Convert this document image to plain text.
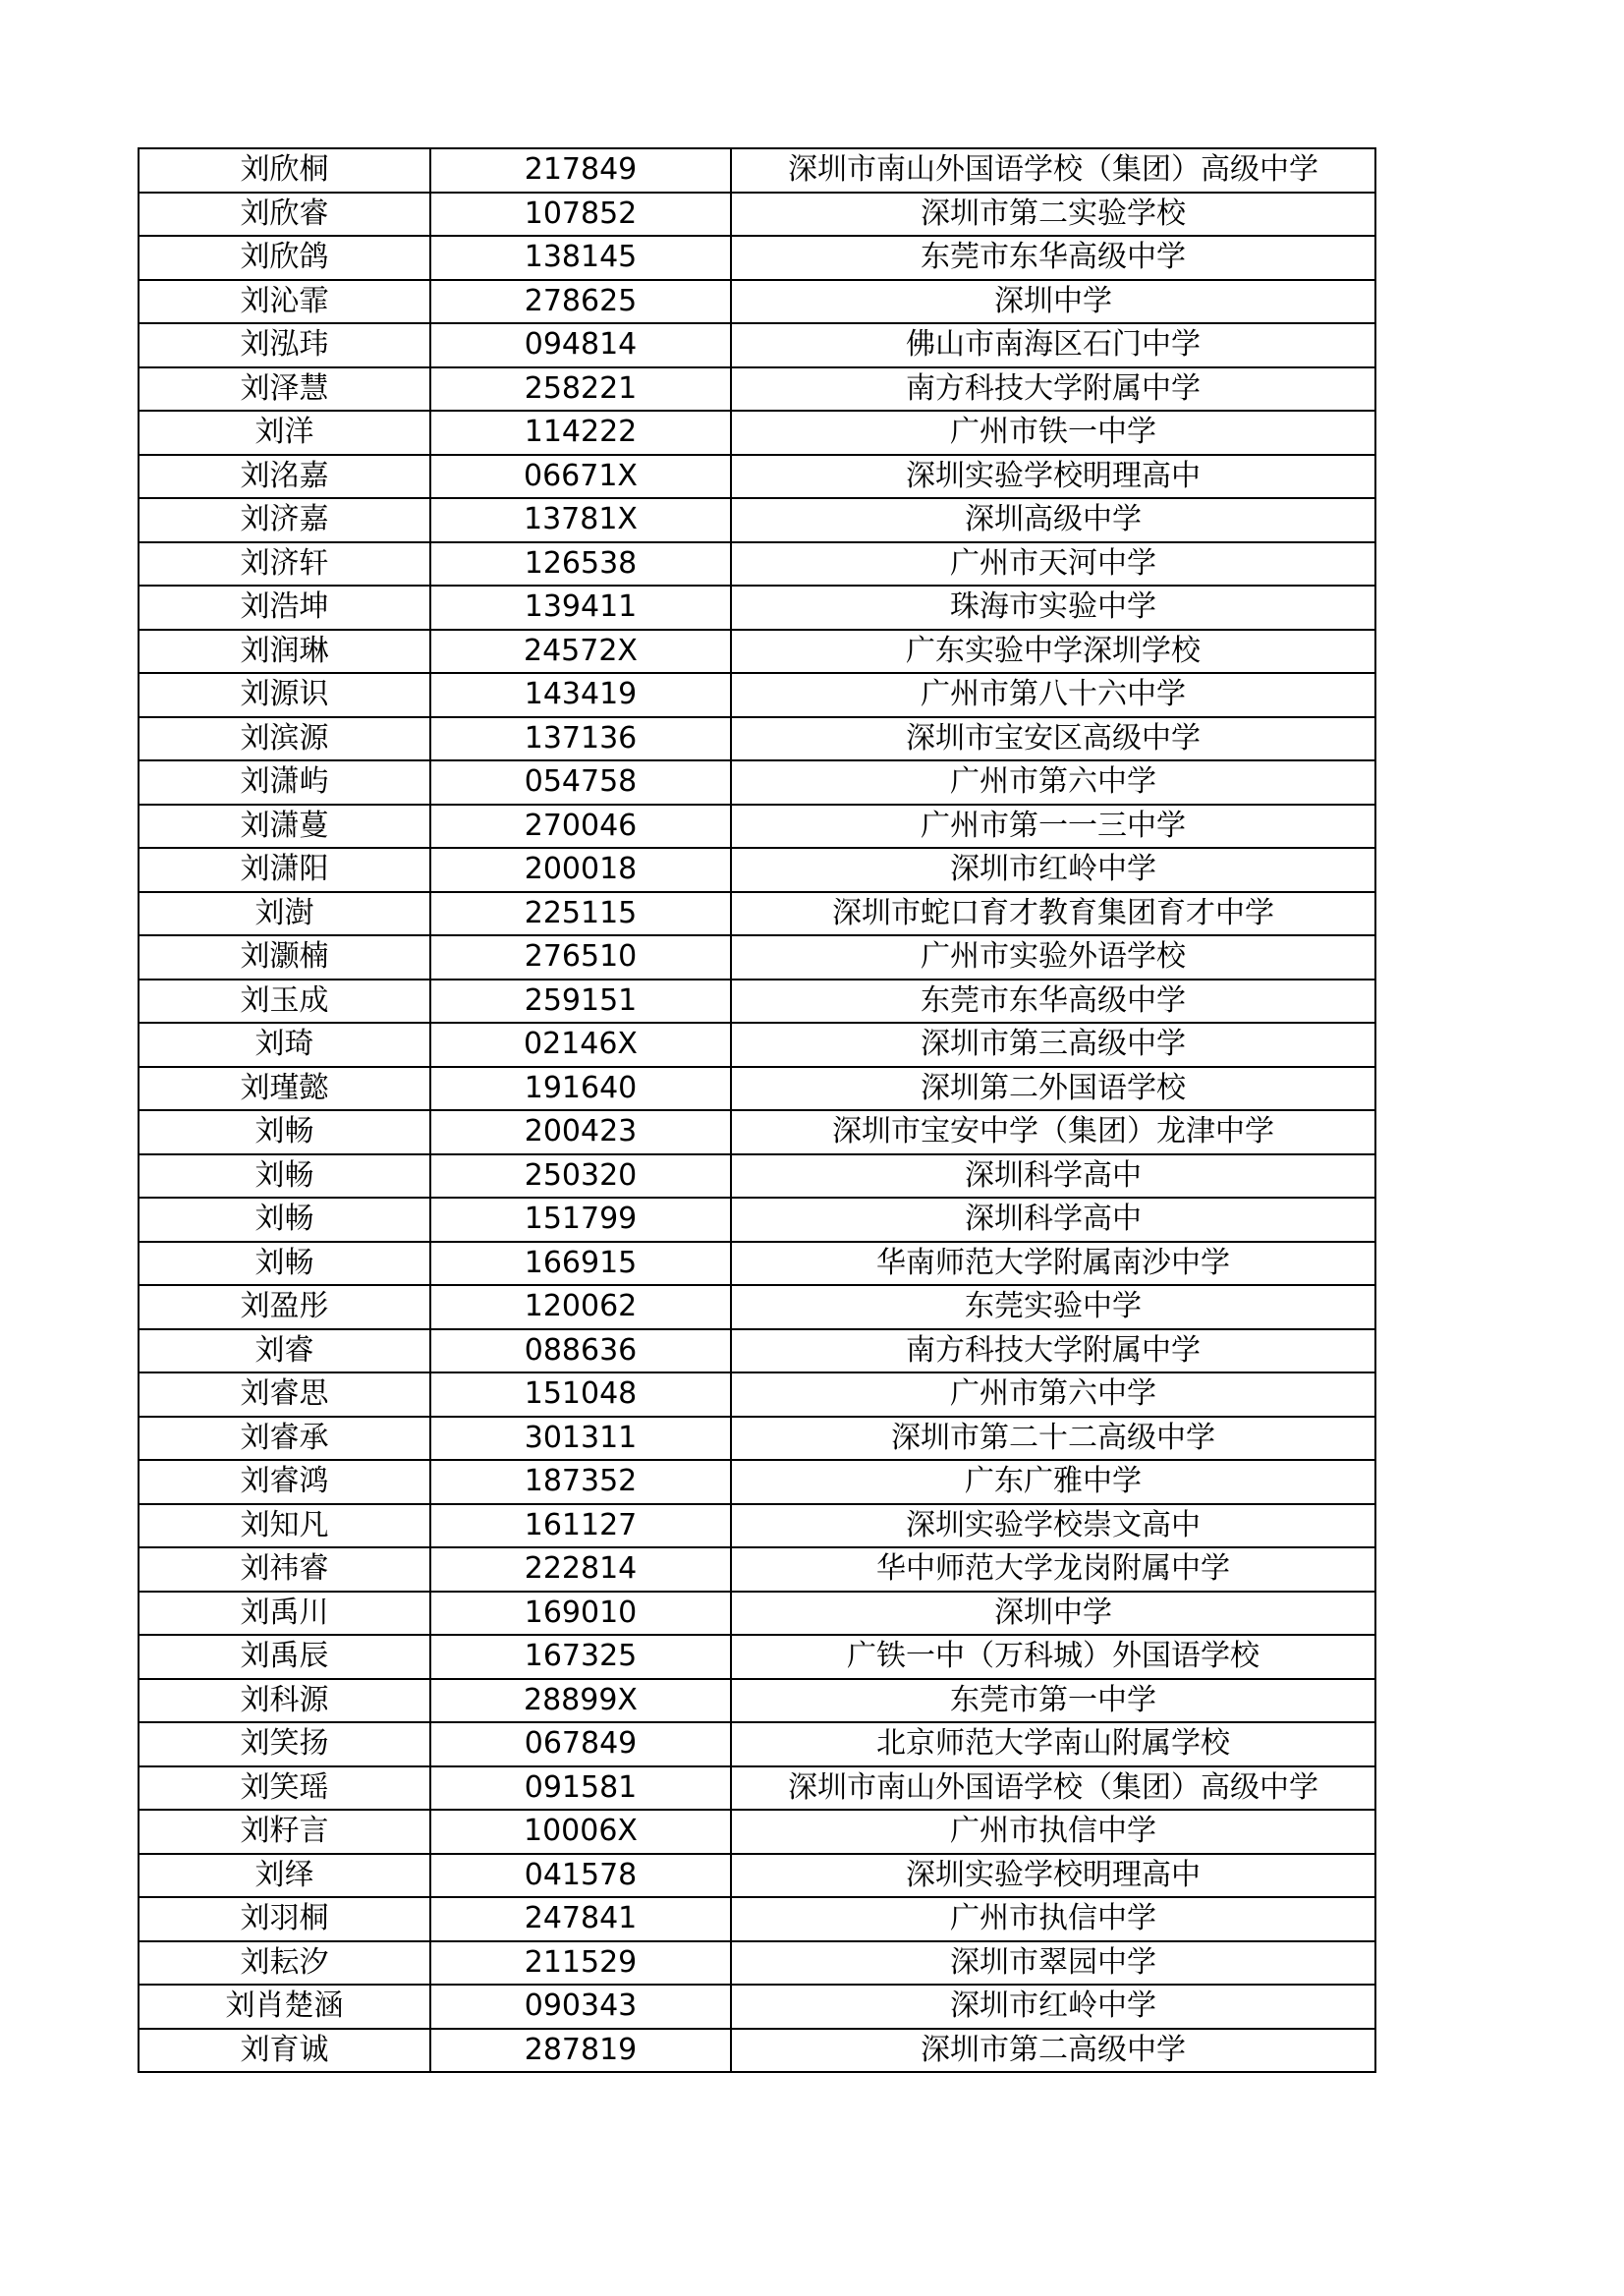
刘欣桐	217849	深圳市南山外国语学校（集团）高级中学
刘欣睿	107852	深圳市第二实验学校
刘欣鸽	138145	东莞市东华高级中学
刘沁霏	278625	深圳中学
刘泓玮	094814	佛山市南海区石门中学
刘泽慧	258221	南方科技大学附属中学
刘洋	114222	广州市铁一中学
刘洺嘉	06671X	深圳实验学校明理高中
刘济嘉	13781X	深圳高级中学
刘济轩	126538	广州市天河中学
刘浩坤	139411	珠海市实验中学
刘润琳	24572X	广东实验中学深圳学校
刘源识	143419	广州市第八十六中学
刘滨源	137136	深圳市宝安区高级中学
刘潇屿	054758	广州市第六中学
刘潇蔓	270046	广州市第一一三中学
刘潇阳	200018	深圳市红岭中学
刘澍	225115	深圳市蛇口育才教育集团育才中学
刘灏楠	276510	广州市实验外语学校
刘玉成	259151	东莞市东华高级中学
刘琦	02146X	深圳市第三高级中学
刘瑾懿	191640	深圳第二外国语学校
刘畅	200423	深圳市宝安中学（集团）龙津中学
刘畅	250320	深圳科学高中
刘畅	151799	深圳科学高中
刘畅	166915	华南师范大学附属南沙中学
刘盈彤	120062	东莞实验中学
刘睿	088636	南方科技大学附属中学
刘睿思	151048	广州市第六中学
刘睿承	301311	深圳市第二十二高级中学
刘睿鸿	187352	广东广雅中学
刘知凡	161127	深圳实验学校崇文高中
刘祎睿	222814	华中师范大学龙岗附属中学
刘禹川	169010	深圳中学
刘禹辰	167325	广铁一中（万科城）外国语学校
刘科源	28899X	东莞市第一中学
刘笑扬	067849	北京师范大学南山附属学校
刘笑瑶	091581	深圳市南山外国语学校（集团）高级中学
刘籽言	10006X	广州市执信中学
刘绎	041578	深圳实验学校明理高中
刘羽桐	247841	广州市执信中学
刘耘汐	211529	深圳市翠园中学
刘肖楚涵	090343	深圳市红岭中学
刘育诚	287819	深圳市第二高级中学
